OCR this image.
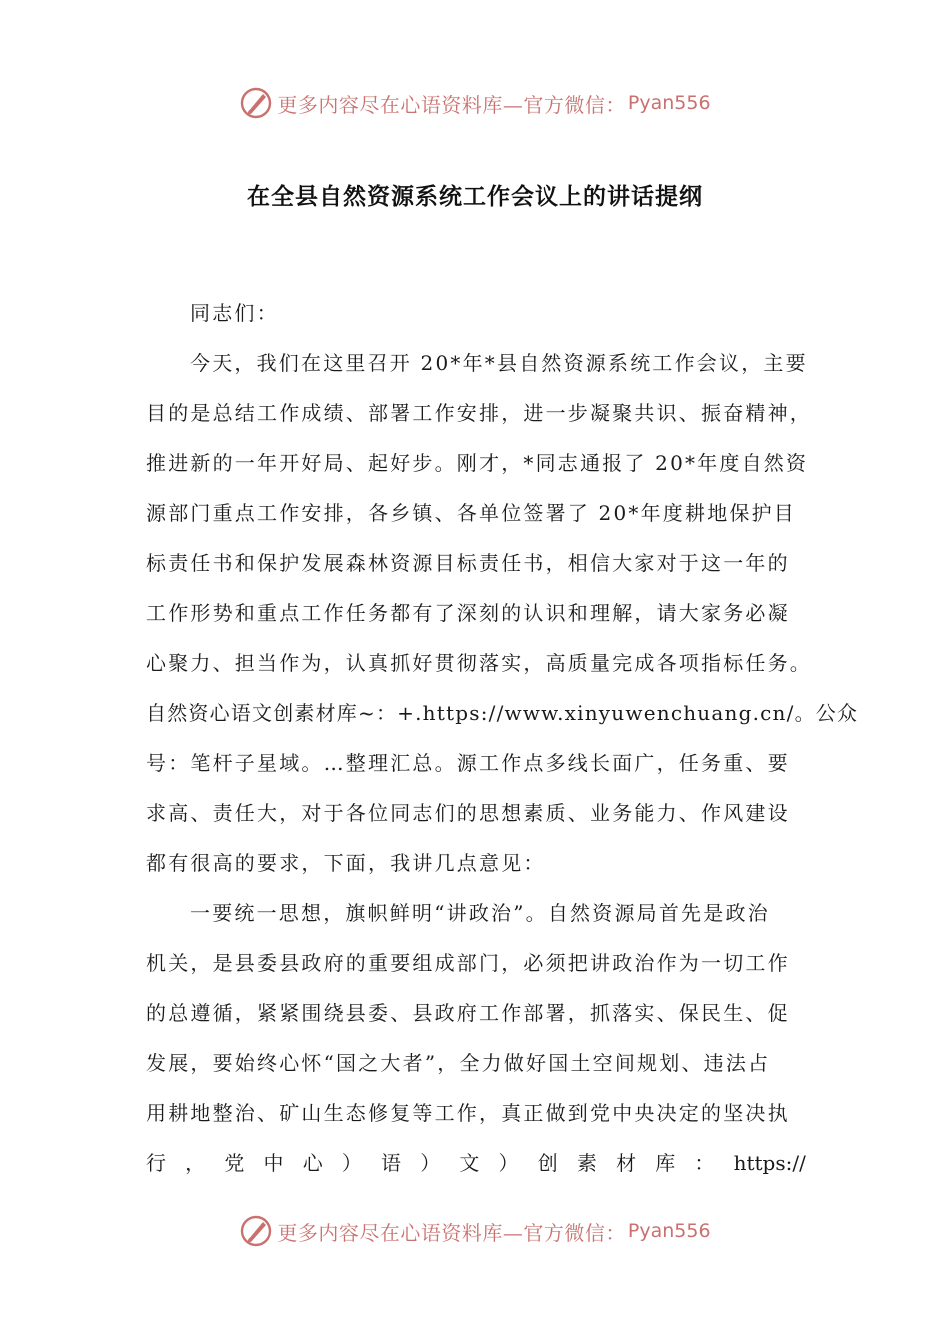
更多内容尽在心语资料库—官方微信： Pyan556
在全县自然资源系统工作会议上的讲话提纲
同志们：
今天，我们在这里召开 20*年*县自然资源系统工作会议，主要
目的是总结工作成绩、部署工作安排，进一步凝聚共识、振奋精神，
推进新的一年开好局、起好步。刚才，*同志通报了 20*年度自然资
源部门重点工作安排，各乡镇、各单位签署了 20*年度耕地保护目
标责任书和保护发展森林资源目标责任书，相信大家对于这一年的
工作形势和重点工作任务都有了深刻的认识和理解，请大家务必凝
心聚力、担当作为，认真抓好贯彻落实，高质量完成各项指标任务。
自然资心语文创素材库~：+.https://www.xinyuwenchuang.cn/。公众
号：笔杆子星域。…整理汇总。源工作点多线长面广，任务重、要
求高、责任大，对于各位同志们的思想素质、业务能力、作风建设
都有很高的要求，下面，我讲几点意见：
一要统一思想，旗帜鲜明“讲政治”。自然资源局首先是政治
机关，是县委县政府的重要组成部门，必须把讲政治作为一切工作
的总遵循，紧紧围绕县委、县政府工作部署，抓落实、保民生、促
发展，要始终心怀“国之大者”，全力做好国土空间规划、违法占
用耕地整治、矿山生态修复等工作，真正做到党中央决定的坚决执
行 ， 党 中 心 ） 语 ） 文 ） 创 素 材 库 ： https://
更多内容尽在心语资料库—官方微信： Pyan556
